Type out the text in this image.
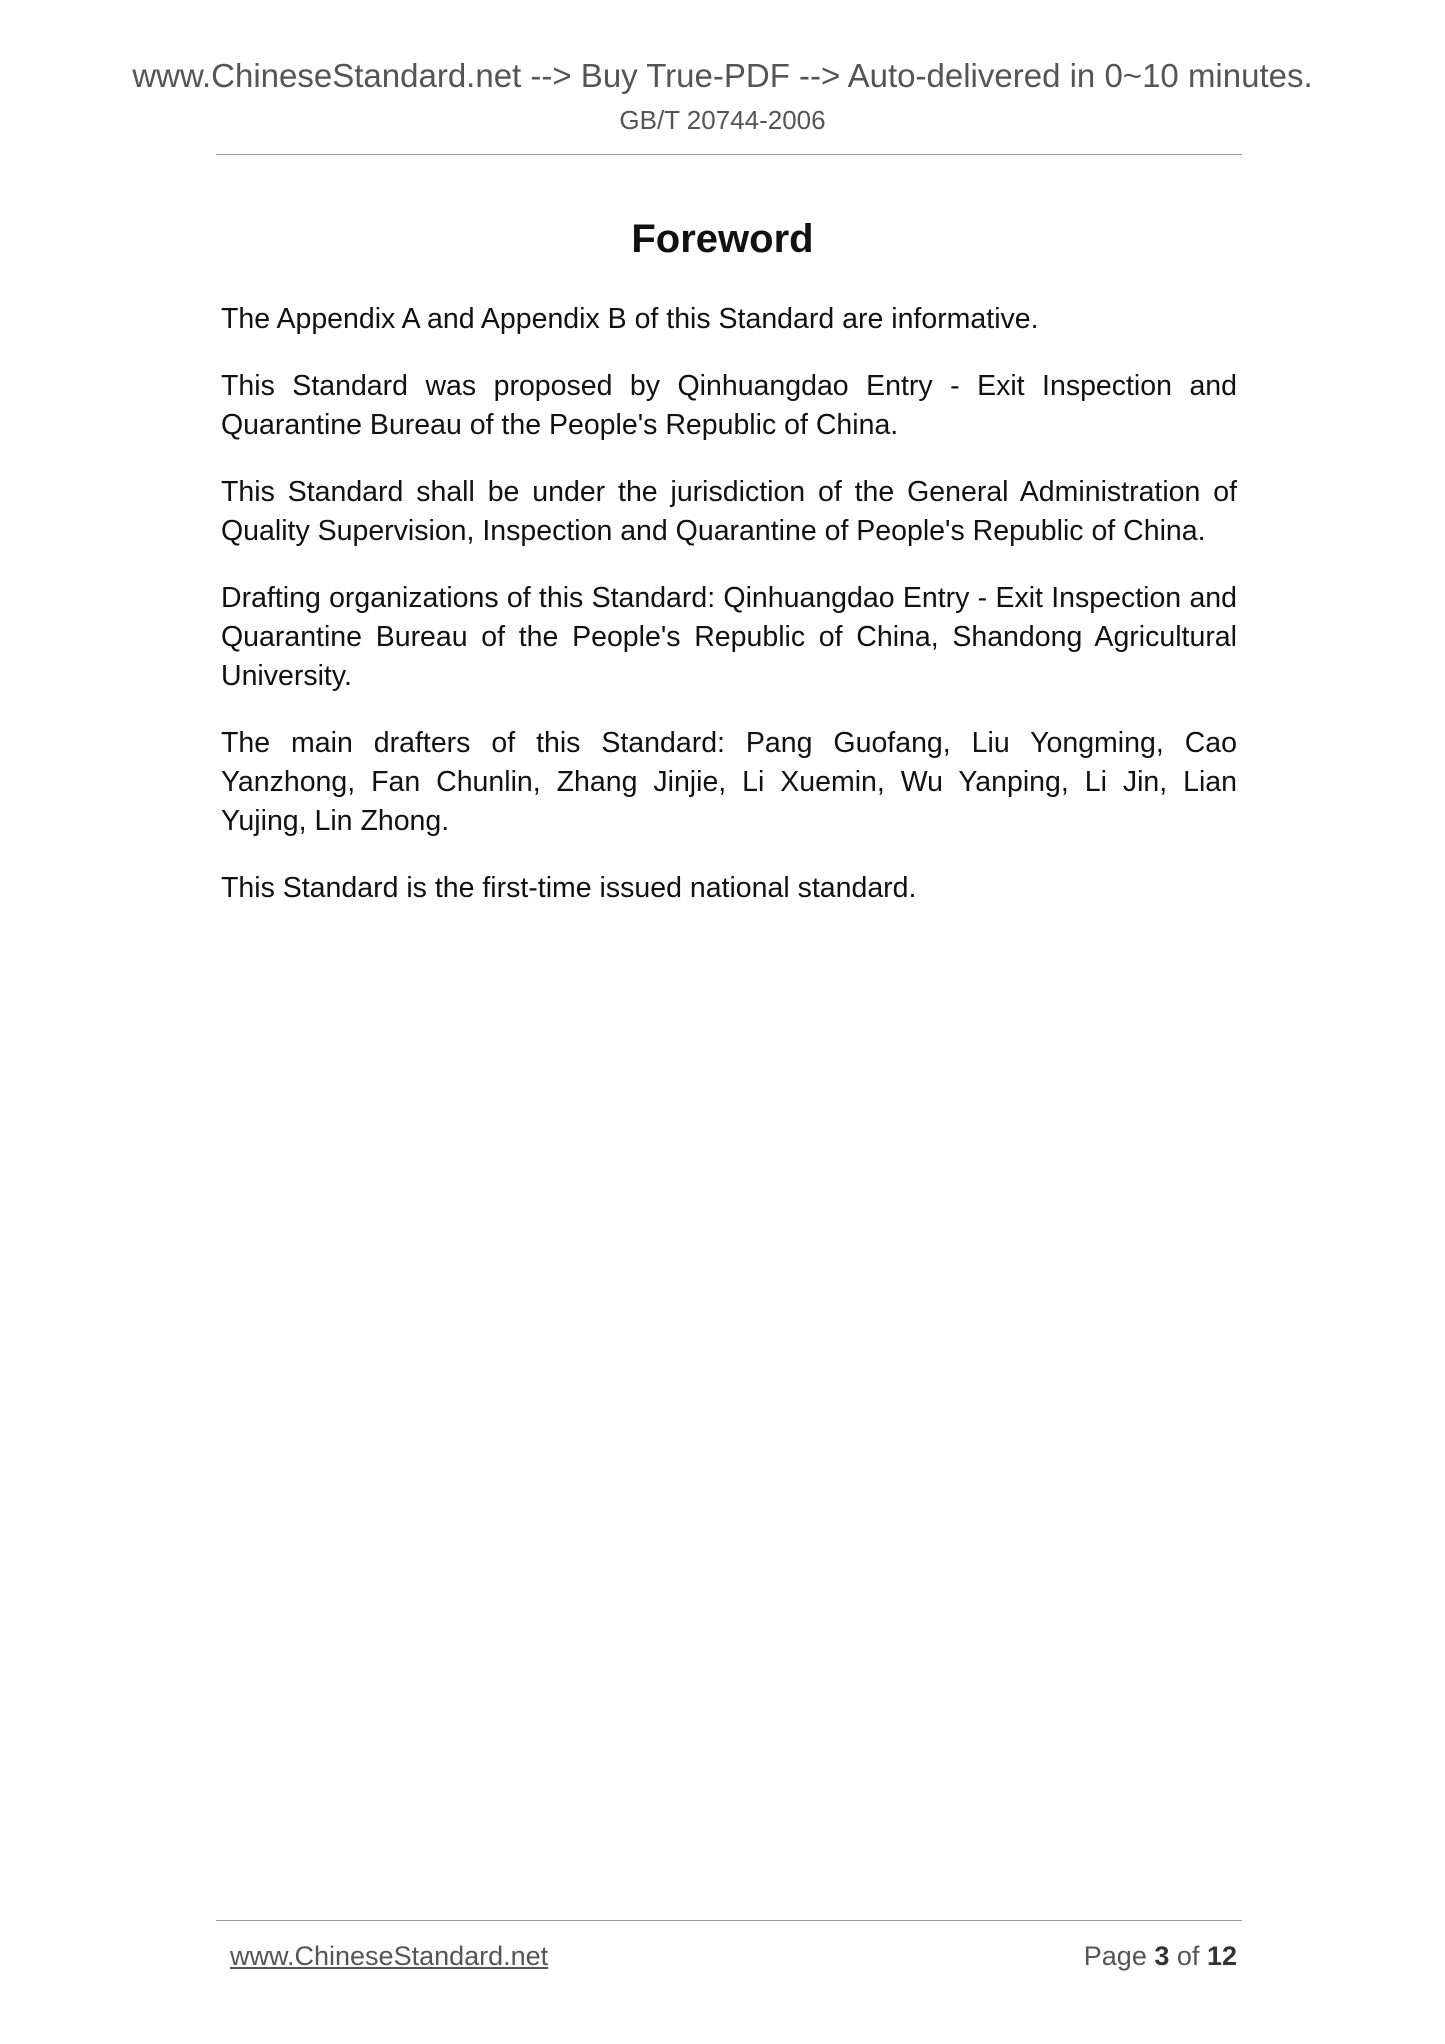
www.ChineseStandard.net --> Buy True-PDF --> Auto-delivered in 0~10 minutes.
GB/T 20744-2006
Foreword

The Appendix A and Appendix B of this Standard are informative.

This Standard was proposed by Qinhuangdao Entry - Exit Inspection and Quarantine Bureau of the People's Republic of China.

This Standard shall be under the jurisdiction of the General Administration of Quality Supervision, Inspection and Quarantine of People's Republic of China.

Drafting organizations of this Standard: Qinhuangdao Entry - Exit Inspection and Quarantine Bureau of the People's Republic of China, Shandong Agricultural University.

The main drafters of this Standard: Pang Guofang, Liu Yongming, Cao Yanzhong, Fan Chunlin, Zhang Jinjie, Li Xuemin, Wu Yanping, Li Jin, Lian Yujing, Lin Zhong.

This Standard is the first-time issued national standard.

www.ChineseStandard.net	Page 3 of 12
